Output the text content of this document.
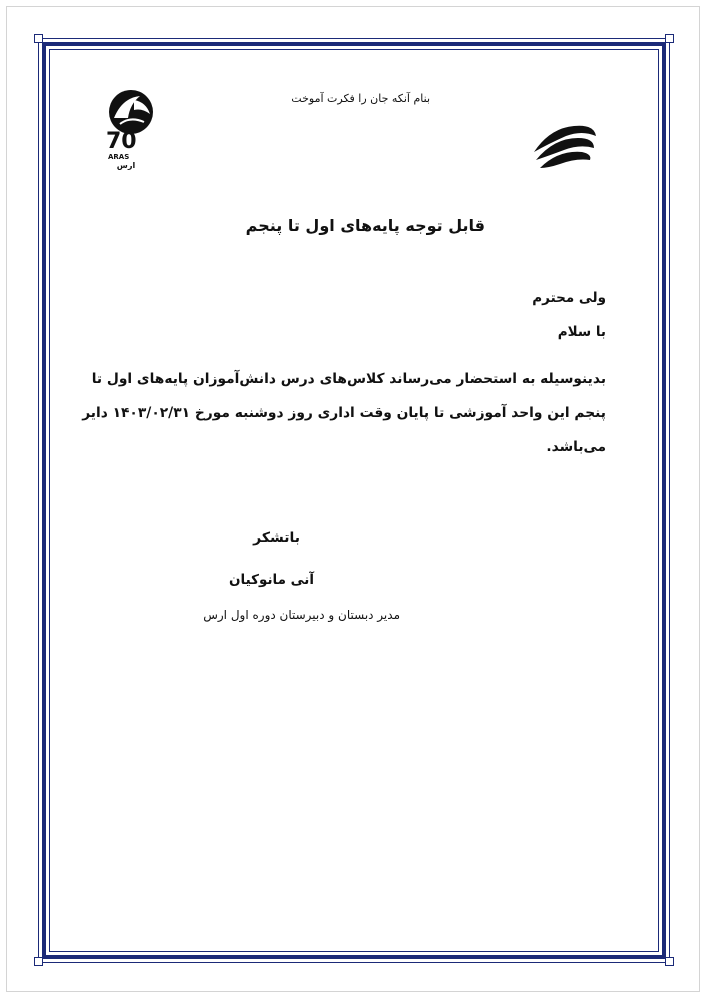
70
ARAS
ارس
بنام آنکه جان را فکرت آموخت
قابل توجه پایه‌های اول تا پنجم
ولی محترم
با سلام
بدینوسیله به استحضار می‌رساند کلاس‌های درس دانش‌آموزان پایه‌های اول تا
پنجم این واحد آموزشی تا پایان وقت اداری روز دوشنبه مورخ ۱۴۰۳/۰۲/۳۱ دایر
می‌باشد.
باتشکر
آنی مانوکیان
مدیر دبستان و دبیرستان دوره اول ارس
